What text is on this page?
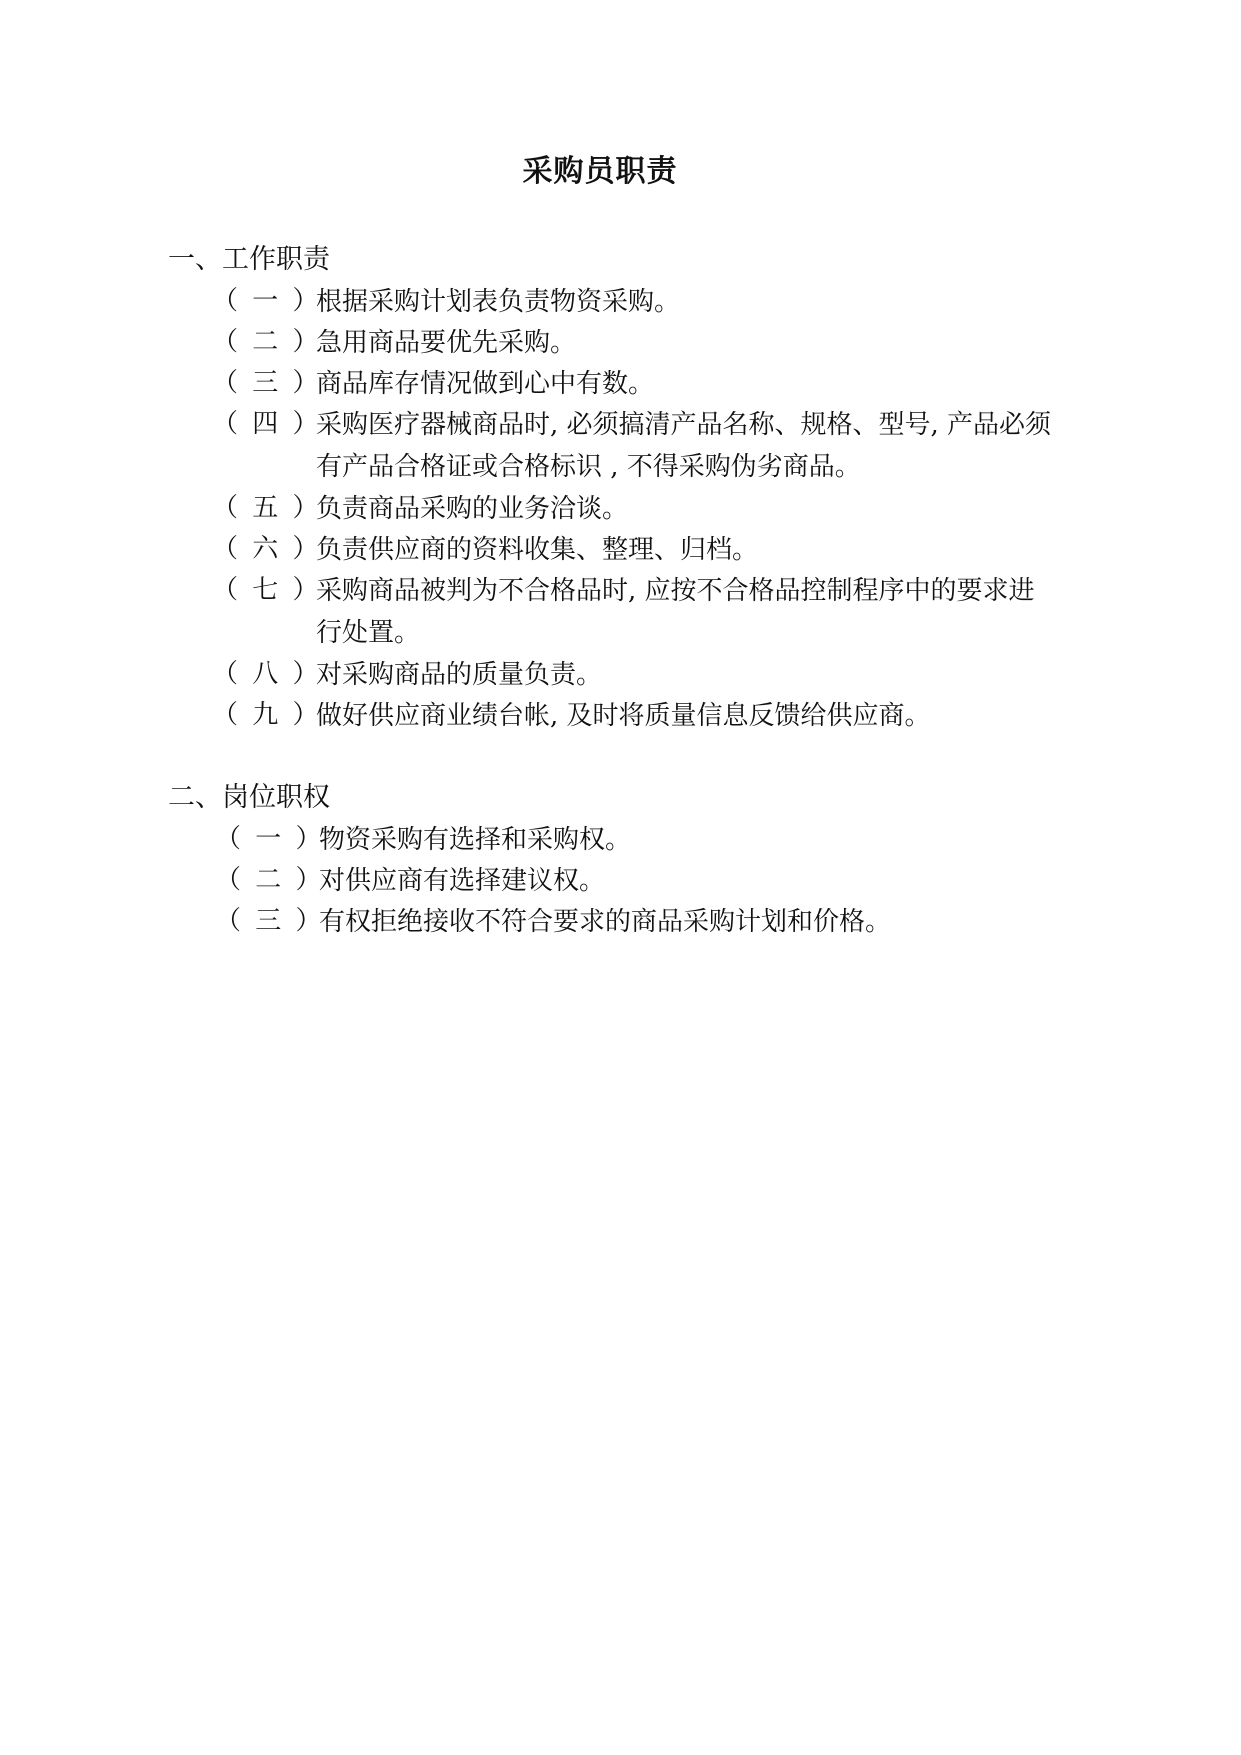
采购员职责
一、工作职责
（ 一 ）
根据采购计划表负责物资采购。
（ 二 ）
急用商品要优先采购。
（ 三 ）
商品库存情况做到心中有数。
（ 四 ）
采购医疗器械商品时, 必须搞清产品名称、规格、型号, 产品必须有产品合格证或合格标识 , 不得采购伪劣商品。
（ 五 ）
负责商品采购的业务洽谈。
（ 六 ）
负责供应商的资料收集、整理、归档。
（ 七 ）
采购商品被判为不合格品时, 应按不合格品控制程序中的要求进行处置。
（ 八 ）
对采购商品的质量负责。
（ 九 ）
做好供应商业绩台帐, 及时将质量信息反馈给供应商。
二、岗位职权
（ 一 ）
物资采购有选择和采购权。
（ 二 ）
对供应商有选择建议权。
（ 三 ）
有权拒绝接收不符合要求的商品采购计划和价格。
